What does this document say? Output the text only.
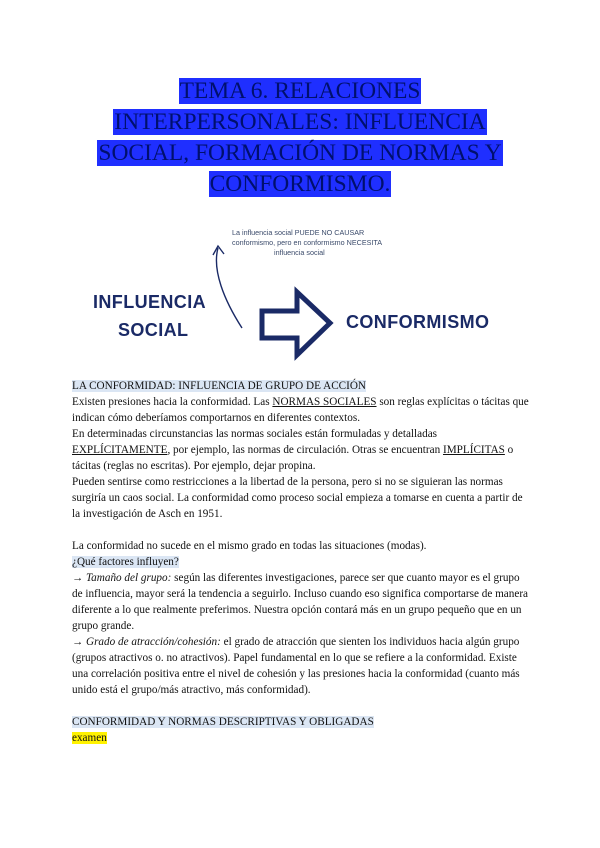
TEMA 6. RELACIONES
INTERPERSONALES: INFLUENCIA
SOCIAL, FORMACIÓN DE NORMAS Y
CONFORMISMO.
La influencia social PUEDE NO CAUSAR
conformismo, pero en conformismo NECESITA
influencia social
INFLUENCIA
SOCIAL	CONFORMISMO

LA CONFORMIDAD: INFLUENCIA DE GRUPO DE ACCIÓN

Existen presiones hacia la conformidad. Las NORMAS SOCIALES son reglas explícitas o tácitas que indican cómo deberíamos comportarnos en diferentes contextos.

En determinadas circunstancias las normas sociales están formuladas y detalladas EXPLÍCITAMENTE, por ejemplo, las normas de circulación. Otras se encuentran IMPLÍCITAS o tácitas (reglas no escritas). Por ejemplo, dejar propina.

Pueden sentirse como restricciones a la libertad de la persona, pero si no se siguieran las normas surgiría un caos social. La conformidad como proceso social empieza a tomarse en cuenta a partir de la investigación de Asch en 1951.

La conformidad no sucede en el mismo grado en todas las situaciones (modas).

¿Qué factores influyen?

→ Tamaño del grupo: según las diferentes investigaciones, parece ser que cuanto mayor es el grupo de influencia, mayor será la tendencia a seguirlo. Incluso cuando eso significa comportarse de manera diferente a lo que realmente preferimos. Nuestra opción contará más en un grupo pequeño que en un grupo grande.

→ Grado de atracción/cohesión: el grado de atracción que sienten los individuos hacia algún grupo (grupos atractivos o. no atractivos). Papel fundamental en lo que se refiere a la conformidad. Existe una correlación positiva entre el nivel de cohesión y las presiones hacia la conformidad (cuanto más unido está el grupo/más atractivo, más conformidad).

CONFORMIDAD Y NORMAS DESCRIPTIVAS Y OBLIGADAS

examen
